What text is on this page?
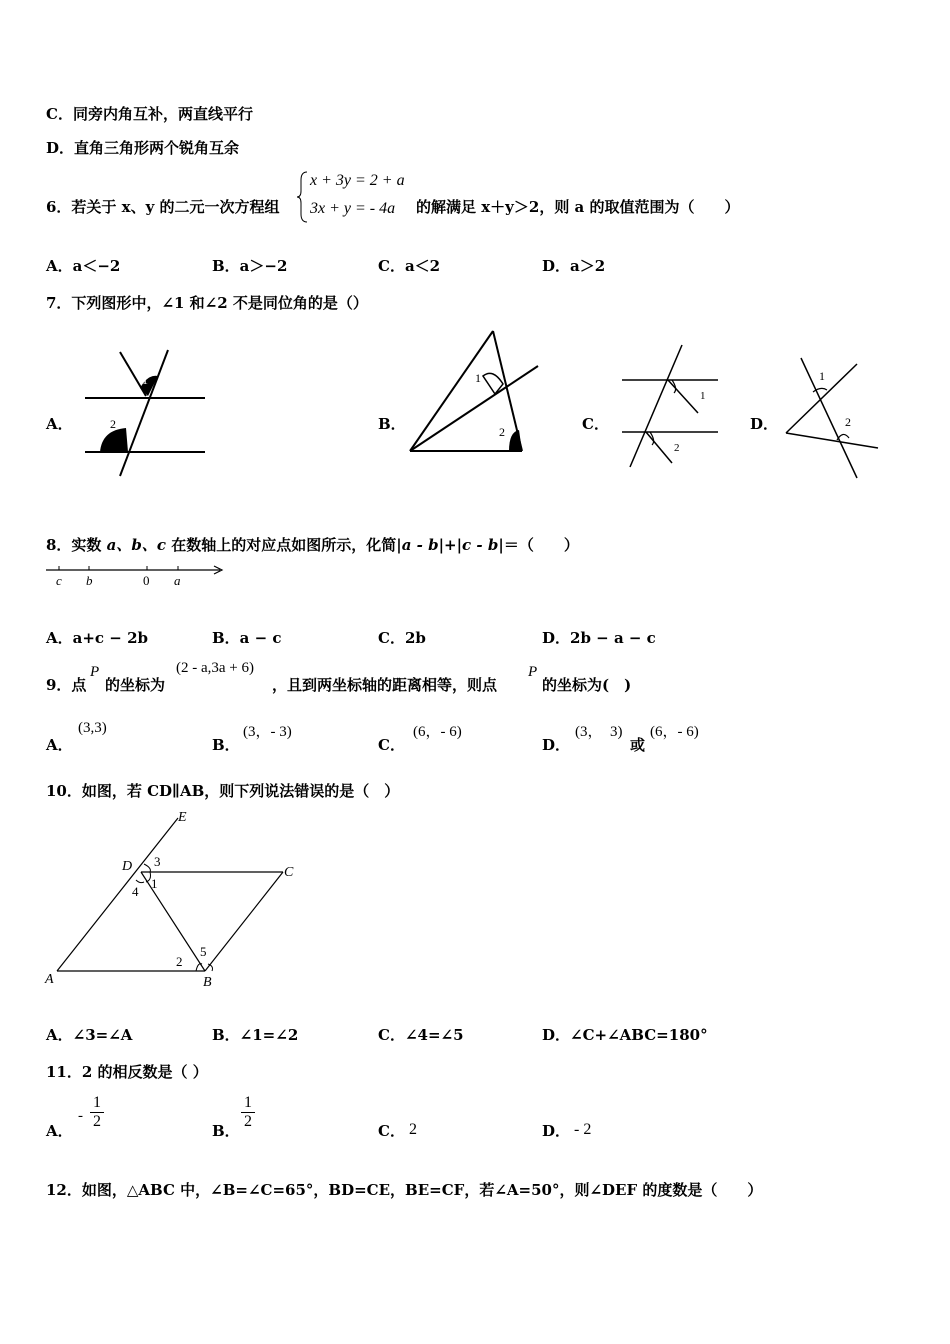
C．同旁内角互补，两直线平行
D．直角三角形两个锐角互余
6．若关于 x、y 的二元一次方程组
x + 3y = 2 + a
3x + y = - 4a 的解满足 x＋y＞2，则 a 的取值范围为（　　）
A．a＜−2	B．a＞−2	C．a＜2	D．a＞2
7．下列图形中，∠1 和∠2 不是同位角的是（）
A．
1
2	B．
1
2	C．
1
2
D．
1
2
8．实数 a、b、c 在数轴上的对应点如图所示，化简|a - b|+|c - b|＝（　　）
c b	0 a
A．a+c − 2b	B．a − c	C．2b	D．2b − a − c
9．点
P
的坐标为
(2 - a,3a + 6)
，且到两坐标轴的距离相等，则点
P
的坐标为(　)
A．
(3,3)
B．
(3，- 3)
C．
(6，- 6)
D．
(3，　3)
或
(6，- 6)
10．如图，若 CD∥AB，则下列说法错误的是（　）
E
D	C
A	B
3
1
4
2
5
A．∠3=∠A	B．∠1=∠2	C．∠4=∠5	D．∠C+∠ABC=180°
11．2 的相反数是（ ）
A．
- $\frac{1}{2}$	B． $\frac{1}{2}$	C． 2	D． - 2
12．如图，△ABC 中，∠B=∠C=65°，BD=CE，BE=CF，若∠A=50°，则∠DEF 的度数是（　　）
